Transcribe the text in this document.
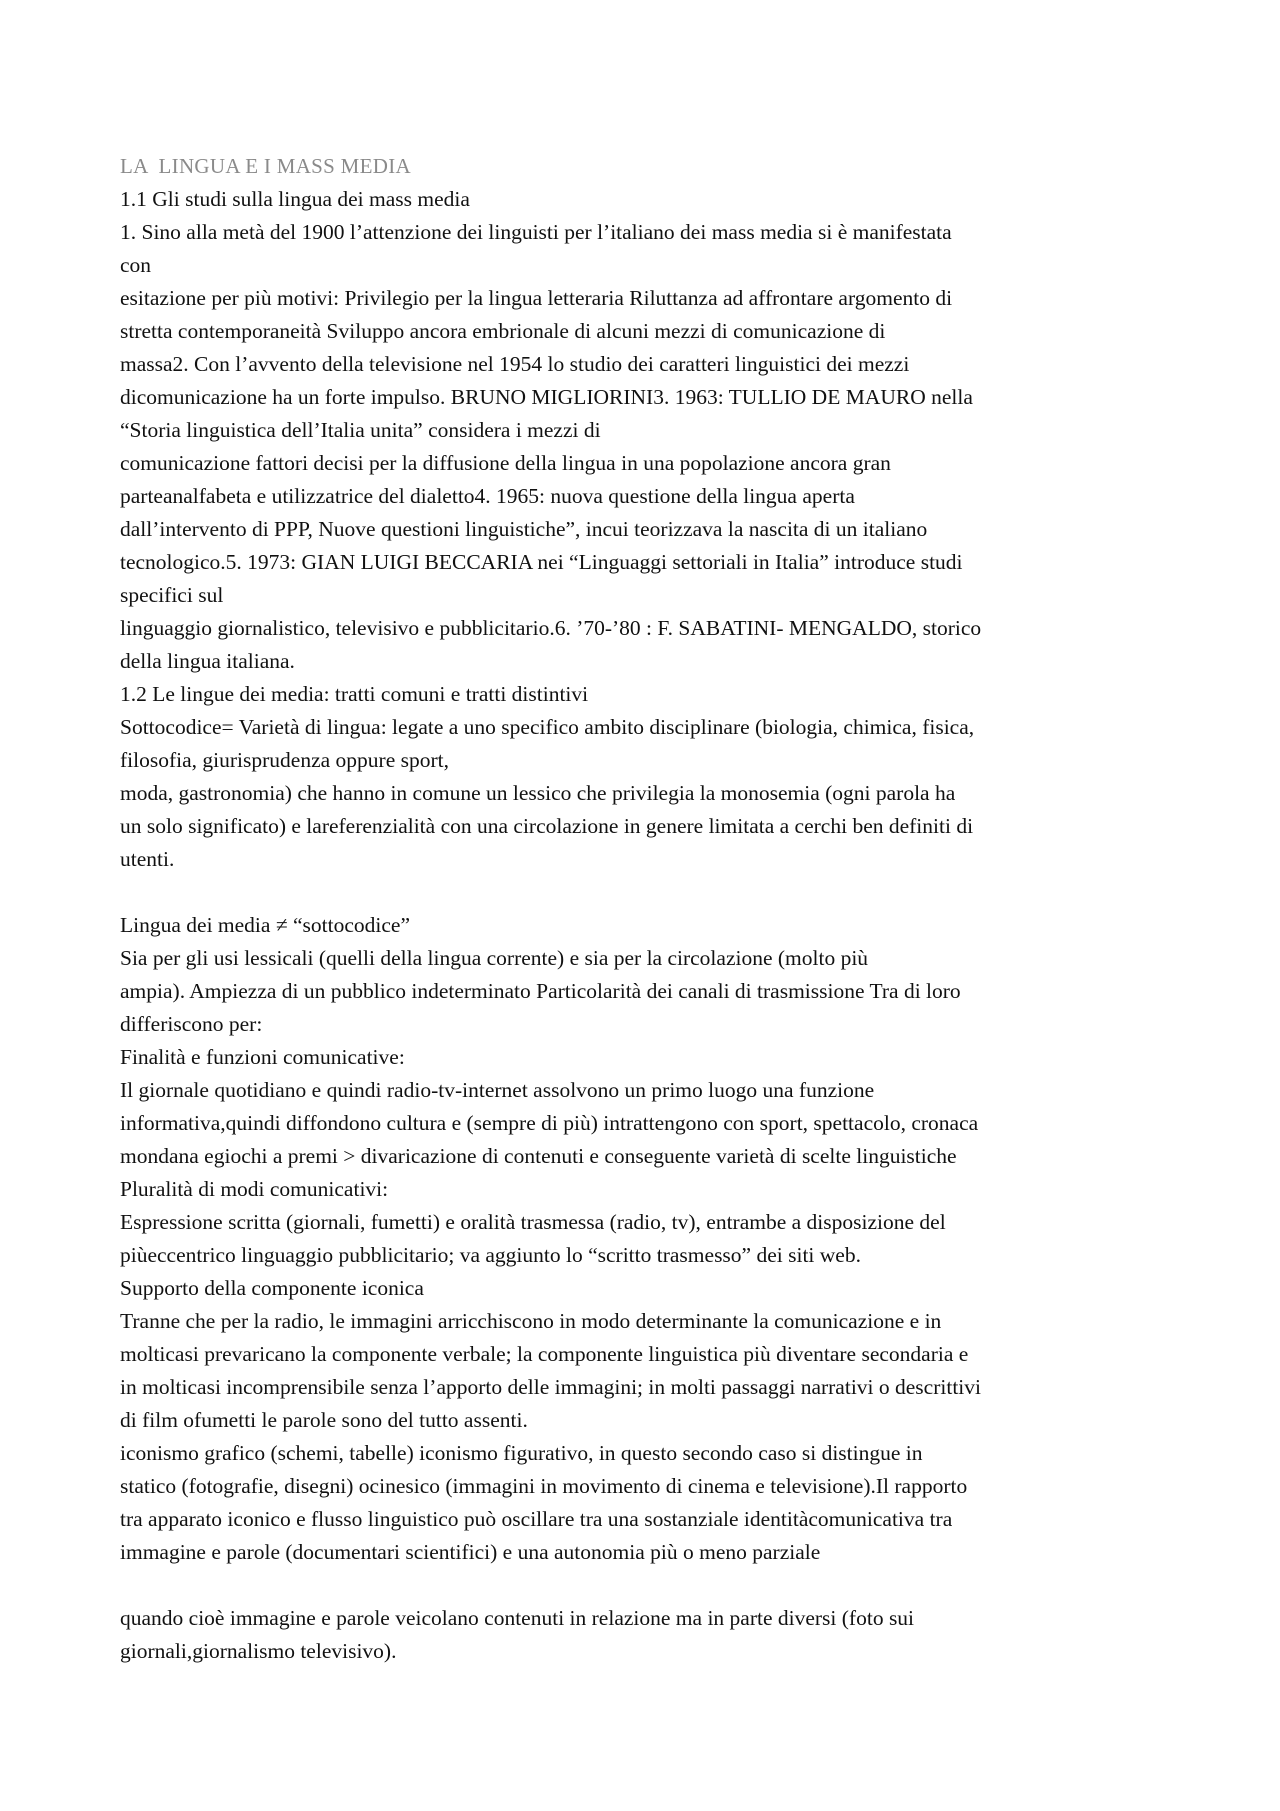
LA  LINGUA E I MASS MEDIA

1.1 Gli studi sulla lingua dei mass media

1. Sino alla metà del 1900 l’attenzione dei linguisti per l’italiano dei mass media si è manifestata

con

esitazione per più motivi: Privilegio per la lingua letteraria Riluttanza ad affrontare argomento di

stretta contemporaneità Sviluppo ancora embrionale di alcuni mezzi di comunicazione di

massa2. Con l’avvento della televisione nel 1954 lo studio dei caratteri linguistici dei mezzi

dicomunicazione ha un forte impulso. BRUNO MIGLIORINI3. 1963: TULLIO DE MAURO nella

“Storia linguistica dell’Italia unita” considera i mezzi di

comunicazione fattori decisi per la diffusione della lingua in una popolazione ancora gran

parteanalfabeta e utilizzatrice del dialetto4. 1965: nuova questione della lingua aperta

dall’intervento di PPP, Nuove questioni linguistiche”, incui teorizzava la nascita di un italiano

tecnologico.5. 1973: GIAN LUIGI BECCARIA nei “Linguaggi settoriali in Italia” introduce studi

specifici sul

linguaggio giornalistico, televisivo e pubblicitario.6. ’70-’80 : F. SABATINI- MENGALDO, storico

della lingua italiana.

1.2 Le lingue dei media: tratti comuni e tratti distintivi

Sottocodice= Varietà di lingua: legate a uno specifico ambito disciplinare (biologia, chimica, fisica,

filosofia, giurisprudenza oppure sport,

moda, gastronomia) che hanno in comune un lessico che privilegia la monosemia (ogni parola ha

un solo significato) e lareferenzialità con una circolazione in genere limitata a cerchi ben definiti di

utenti.

Lingua dei media ≠ “sottocodice”

Sia per gli usi lessicali (quelli della lingua corrente) e sia per la circolazione (molto più

ampia). Ampiezza di un pubblico indeterminato Particolarità dei canali di trasmissione Tra di loro

differiscono per:

Finalità e funzioni comunicative:

Il giornale quotidiano e quindi radio-tv-internet assolvono un primo luogo una funzione

informativa,quindi diffondono cultura e (sempre di più) intrattengono con sport, spettacolo, cronaca

mondana egiochi a premi > divaricazione di contenuti e conseguente varietà di scelte linguistiche

Pluralità di modi comunicativi:

Espressione scritta (giornali, fumetti) e oralità trasmessa (radio, tv), entrambe a disposizione del

piùeccentrico linguaggio pubblicitario; va aggiunto lo “scritto trasmesso” dei siti web.

Supporto della componente iconica

Tranne che per la radio, le immagini arricchiscono in modo determinante la comunicazione e in

molticasi prevaricano la componente verbale; la componente linguistica più diventare secondaria e

in molticasi incomprensibile senza l’apporto delle immagini; in molti passaggi narrativi o descrittivi

di film ofumetti le parole sono del tutto assenti.

iconismo grafico (schemi, tabelle) iconismo figurativo, in questo secondo caso si distingue in

statico (fotografie, disegni) ocinesico (immagini in movimento di cinema e televisione).Il rapporto

tra apparato iconico e flusso linguistico può oscillare tra una sostanziale identitàcomunicativa tra

immagine e parole (documentari scientifici) e una autonomia più o meno parziale

quando cioè immagine e parole veicolano contenuti in relazione ma in parte diversi (foto sui

giornali,giornalismo televisivo).
